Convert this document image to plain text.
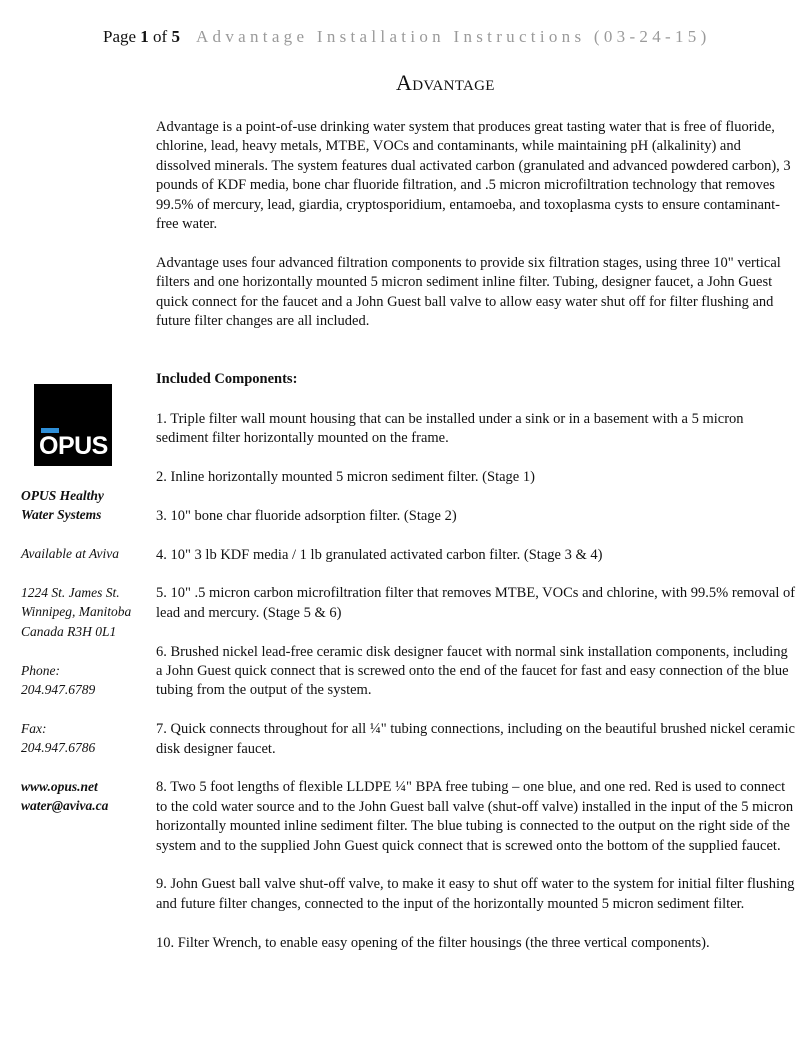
Page 1 of 5 Advantage Installation Instructions (03-24-15)
Advantage
OPUS

OPUS Healthy

Water Systems

Available at Aviva

1224 St. James St.

Winnipeg, Manitoba

Canada R3H 0L1

Phone:

204.947.6789

Fax:

204.947.6786

www.opus.net

water@aviva.ca

Advantage is a point-of-use drinking water system that produces great tasting water that is free of fluoride, chlorine, lead, heavy metals, MTBE, VOCs and contaminants, while maintaining pH (alkalinity) and dissolved minerals. The system features dual activated carbon (granulated and advanced powdered carbon), 3 pounds of KDF media, bone char fluoride filtration, and .5 micron microfiltration technology that removes 99.5% of mercury, lead, giardia, cryptosporidium, entamoeba, and toxoplasma cysts to ensure contaminant-free water.

Advantage uses four advanced filtration components to provide six filtration stages, using three 10" vertical filters and one horizontally mounted 5 micron sediment inline filter. Tubing, designer faucet, a John Guest quick connect for the faucet and a John Guest ball valve to allow easy water shut off for filter flushing and future filter changes are all included.

Included Components:

1. Triple filter wall mount housing that can be installed under a sink or in a basement with a 5 micron sediment filter horizontally mounted on the frame.
2. Inline horizontally mounted 5 micron sediment filter. (Stage 1)
3. 10" bone char fluoride adsorption filter. (Stage 2)
4. 10" 3 lb KDF media / 1 lb granulated activated carbon filter. (Stage 3 & 4)
5. 10" .5 micron carbon microfiltration filter that removes MTBE, VOCs and chlorine, with 99.5% removal of lead and mercury. (Stage 5 & 6)
6. Brushed nickel lead-free ceramic disk designer faucet with normal sink installation components, including a John Guest quick connect that is screwed onto the end of the faucet for fast and easy connection of the blue tubing from the output of the system.
7. Quick connects throughout for all ¼" tubing connections, including on the beautiful brushed nickel ceramic disk designer faucet.
8. Two 5 foot lengths of flexible LLDPE ¼" BPA free tubing – one blue, and one red. Red is used to connect to the cold water source and to the John Guest ball valve (shut-off valve) installed in the input of the 5 micron horizontally mounted inline sediment filter. The blue tubing is connected to the output on the right side of the system and to the supplied John Guest quick connect that is screwed onto the bottom of the supplied faucet.
9. John Guest ball valve shut-off valve, to make it easy to shut off water to the system for initial filter flushing and future filter changes, connected to the input of the horizontally mounted 5 micron sediment filter.
10. Filter Wrench, to enable easy opening of the filter housings (the three vertical components).
